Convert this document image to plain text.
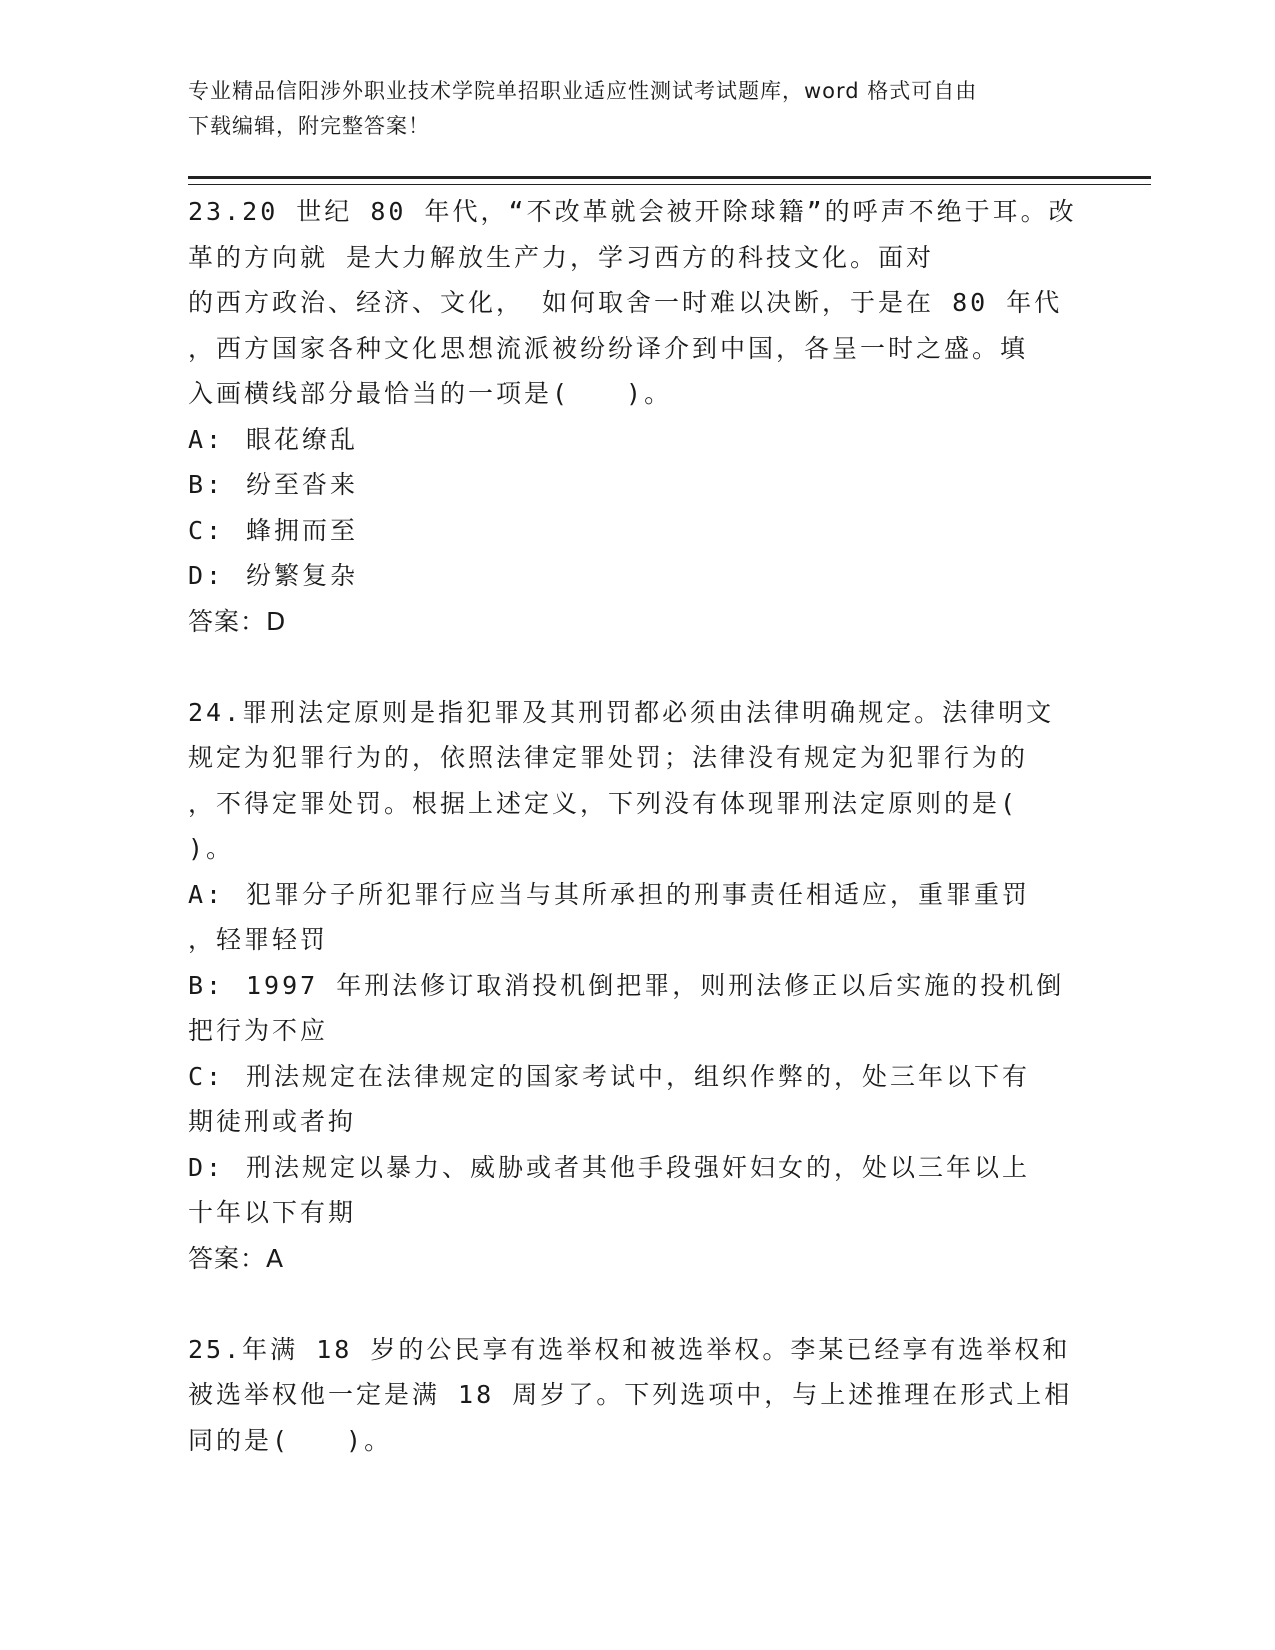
专业精品信阳涉外职业技术学院单招职业适应性测试考试题库，word 格式可自由
下载编辑，附完整答案！
23.20 世纪 80 年代，“不改革就会被开除球籍”的呼声不绝于耳。改
革的方向就 是大力解放生产力，学习西方的科技文化。面对
的西方政治、经济、文化， 如何取舍一时难以决断，于是在 80 年代
，西方国家各种文化思想流派被纷纷译介到中国，各呈一时之盛。填
入画横线部分最恰当的一项是(　　)。
A: 眼花缭乱
B: 纷至沓来
C: 蜂拥而至
D: 纷繁复杂
答案：D
24.罪刑法定原则是指犯罪及其刑罚都必须由法律明确规定。法律明文
规定为犯罪行为的，依照法律定罪处罚；法律没有规定为犯罪行为的
，不得定罪处罚。根据上述定义，下列没有体现罪刑法定原则的是(
)。
A: 犯罪分子所犯罪行应当与其所承担的刑事责任相适应，重罪重罚
，轻罪轻罚
B: 1997 年刑法修订取消投机倒把罪，则刑法修正以后实施的投机倒
把行为不应
C: 刑法规定在法律规定的国家考试中，组织作弊的，处三年以下有
期徒刑或者拘
D: 刑法规定以暴力、威胁或者其他手段强奸妇女的，处以三年以上
十年以下有期
答案：A
25.年满 18 岁的公民享有选举权和被选举权。李某已经享有选举权和
被选举权他一定是满 18 周岁了。下列选项中，与上述推理在形式上相
同的是(　　)。
